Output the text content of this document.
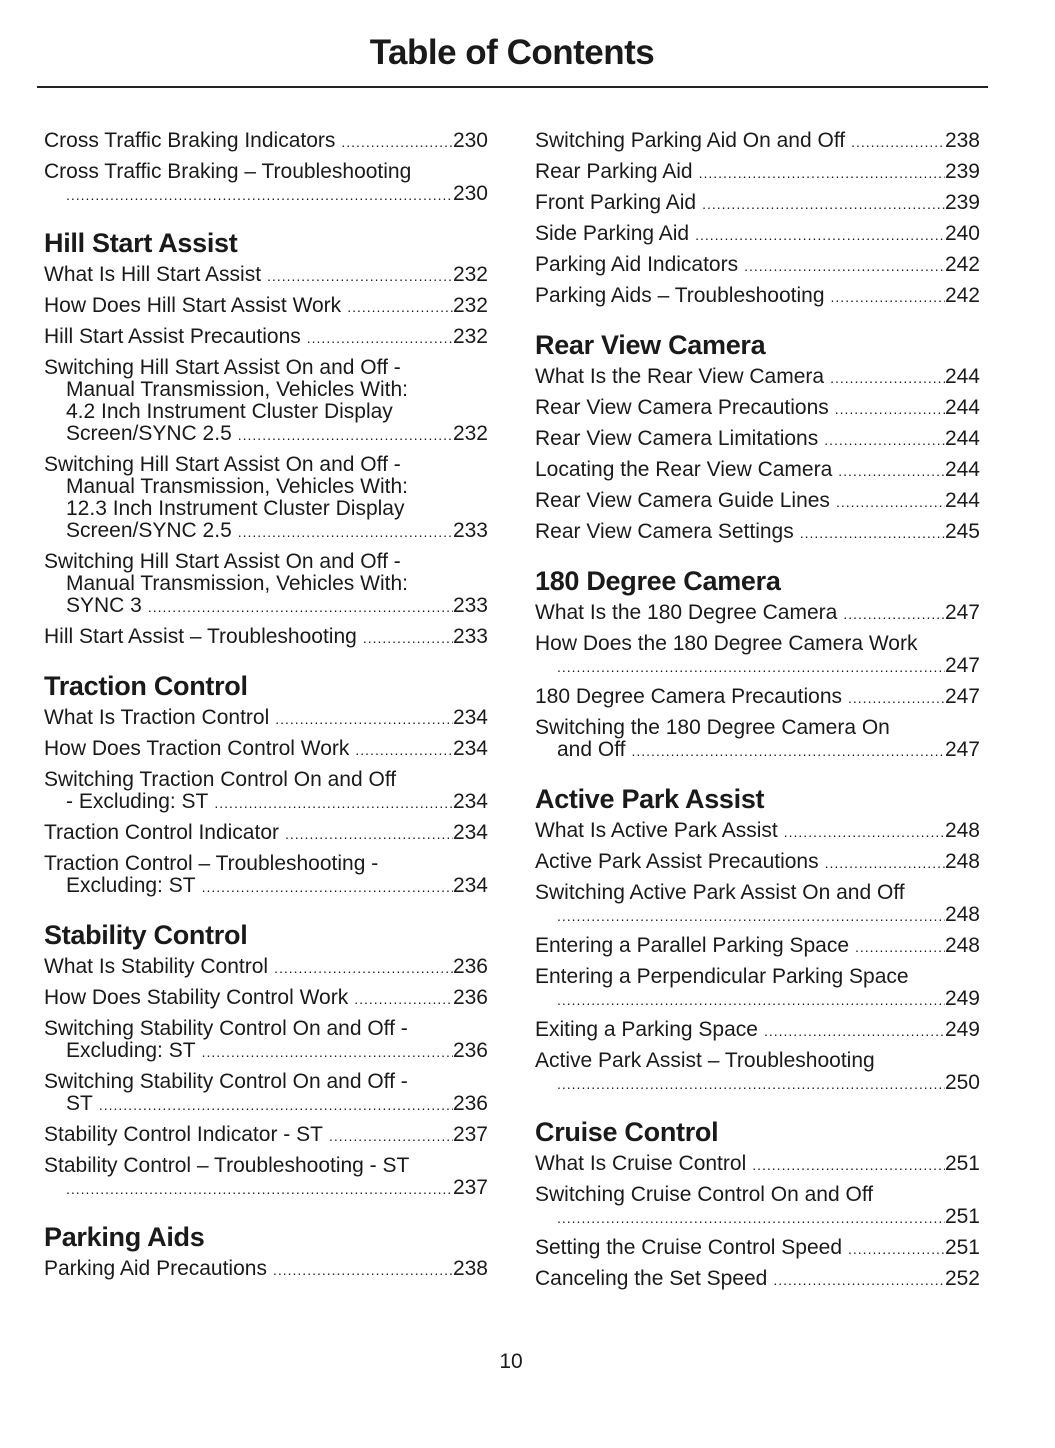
Table of Contents
Cross Traffic Braking Indicators .....	230
Cross Traffic Braking – Troubleshooting
.....
230
Hill Start Assist
What Is Hill Start Assist .....	232
How Does Hill Start Assist Work .....	232
Hill Start Assist Precautions .....	232
Switching Hill Start Assist On and Off -
Manual Transmission, Vehicles With:
4.2 Inch Instrument Cluster Display
Screen/SYNC 2.5 .....	232
Switching Hill Start Assist On and Off -
Manual Transmission, Vehicles With:
12.3 Inch Instrument Cluster Display
Screen/SYNC 2.5 .....	233
Switching Hill Start Assist On and Off -
Manual Transmission, Vehicles With:
SYNC 3 .....	233
Hill Start Assist – Troubleshooting .....	233
Traction Control
What Is Traction Control .....	234
How Does Traction Control Work .....	234
Switching Traction Control On and Off
- Excluding: ST .....	234
Traction Control Indicator .....	234
Traction Control – Troubleshooting -
Excluding: ST .....	234
Stability Control
What Is Stability Control .....	236
How Does Stability Control Work .....	236
Switching Stability Control On and Off -
Excluding: ST .....	236
Switching Stability Control On and Off -
ST .....	236
Stability Control Indicator - ST .....	237
Stability Control – Troubleshooting - ST
.....
237
Parking Aids
Parking Aid Precautions .....	238
Switching Parking Aid On and Off .....	238
Rear Parking Aid .....	239
Front Parking Aid .....	239
Side Parking Aid .....	240
Parking Aid Indicators .....	242
Parking Aids – Troubleshooting .....	242
Rear View Camera
What Is the Rear View Camera .....	244
Rear View Camera Precautions .....	244
Rear View Camera Limitations .....	244
Locating the Rear View Camera .....	244
Rear View Camera Guide Lines .....	244
Rear View Camera Settings .....	245
180 Degree Camera
What Is the 180 Degree Camera .....	247
How Does the 180 Degree Camera Work
.....
247
180 Degree Camera Precautions .....	247
Switching the 180 Degree Camera On
and Off .....	247
Active Park Assist
What Is Active Park Assist .....	248
Active Park Assist Precautions .....	248
Switching Active Park Assist On and Off
.....
248
Entering a Parallel Parking Space .....	248
Entering a Perpendicular Parking Space
.....
249
Exiting a Parking Space .....	249
Active Park Assist – Troubleshooting
.....
250
Cruise Control
What Is Cruise Control .....	251
Switching Cruise Control On and Off
.....
251
Setting the Cruise Control Speed .....	251
Canceling the Set Speed .....	252
10
